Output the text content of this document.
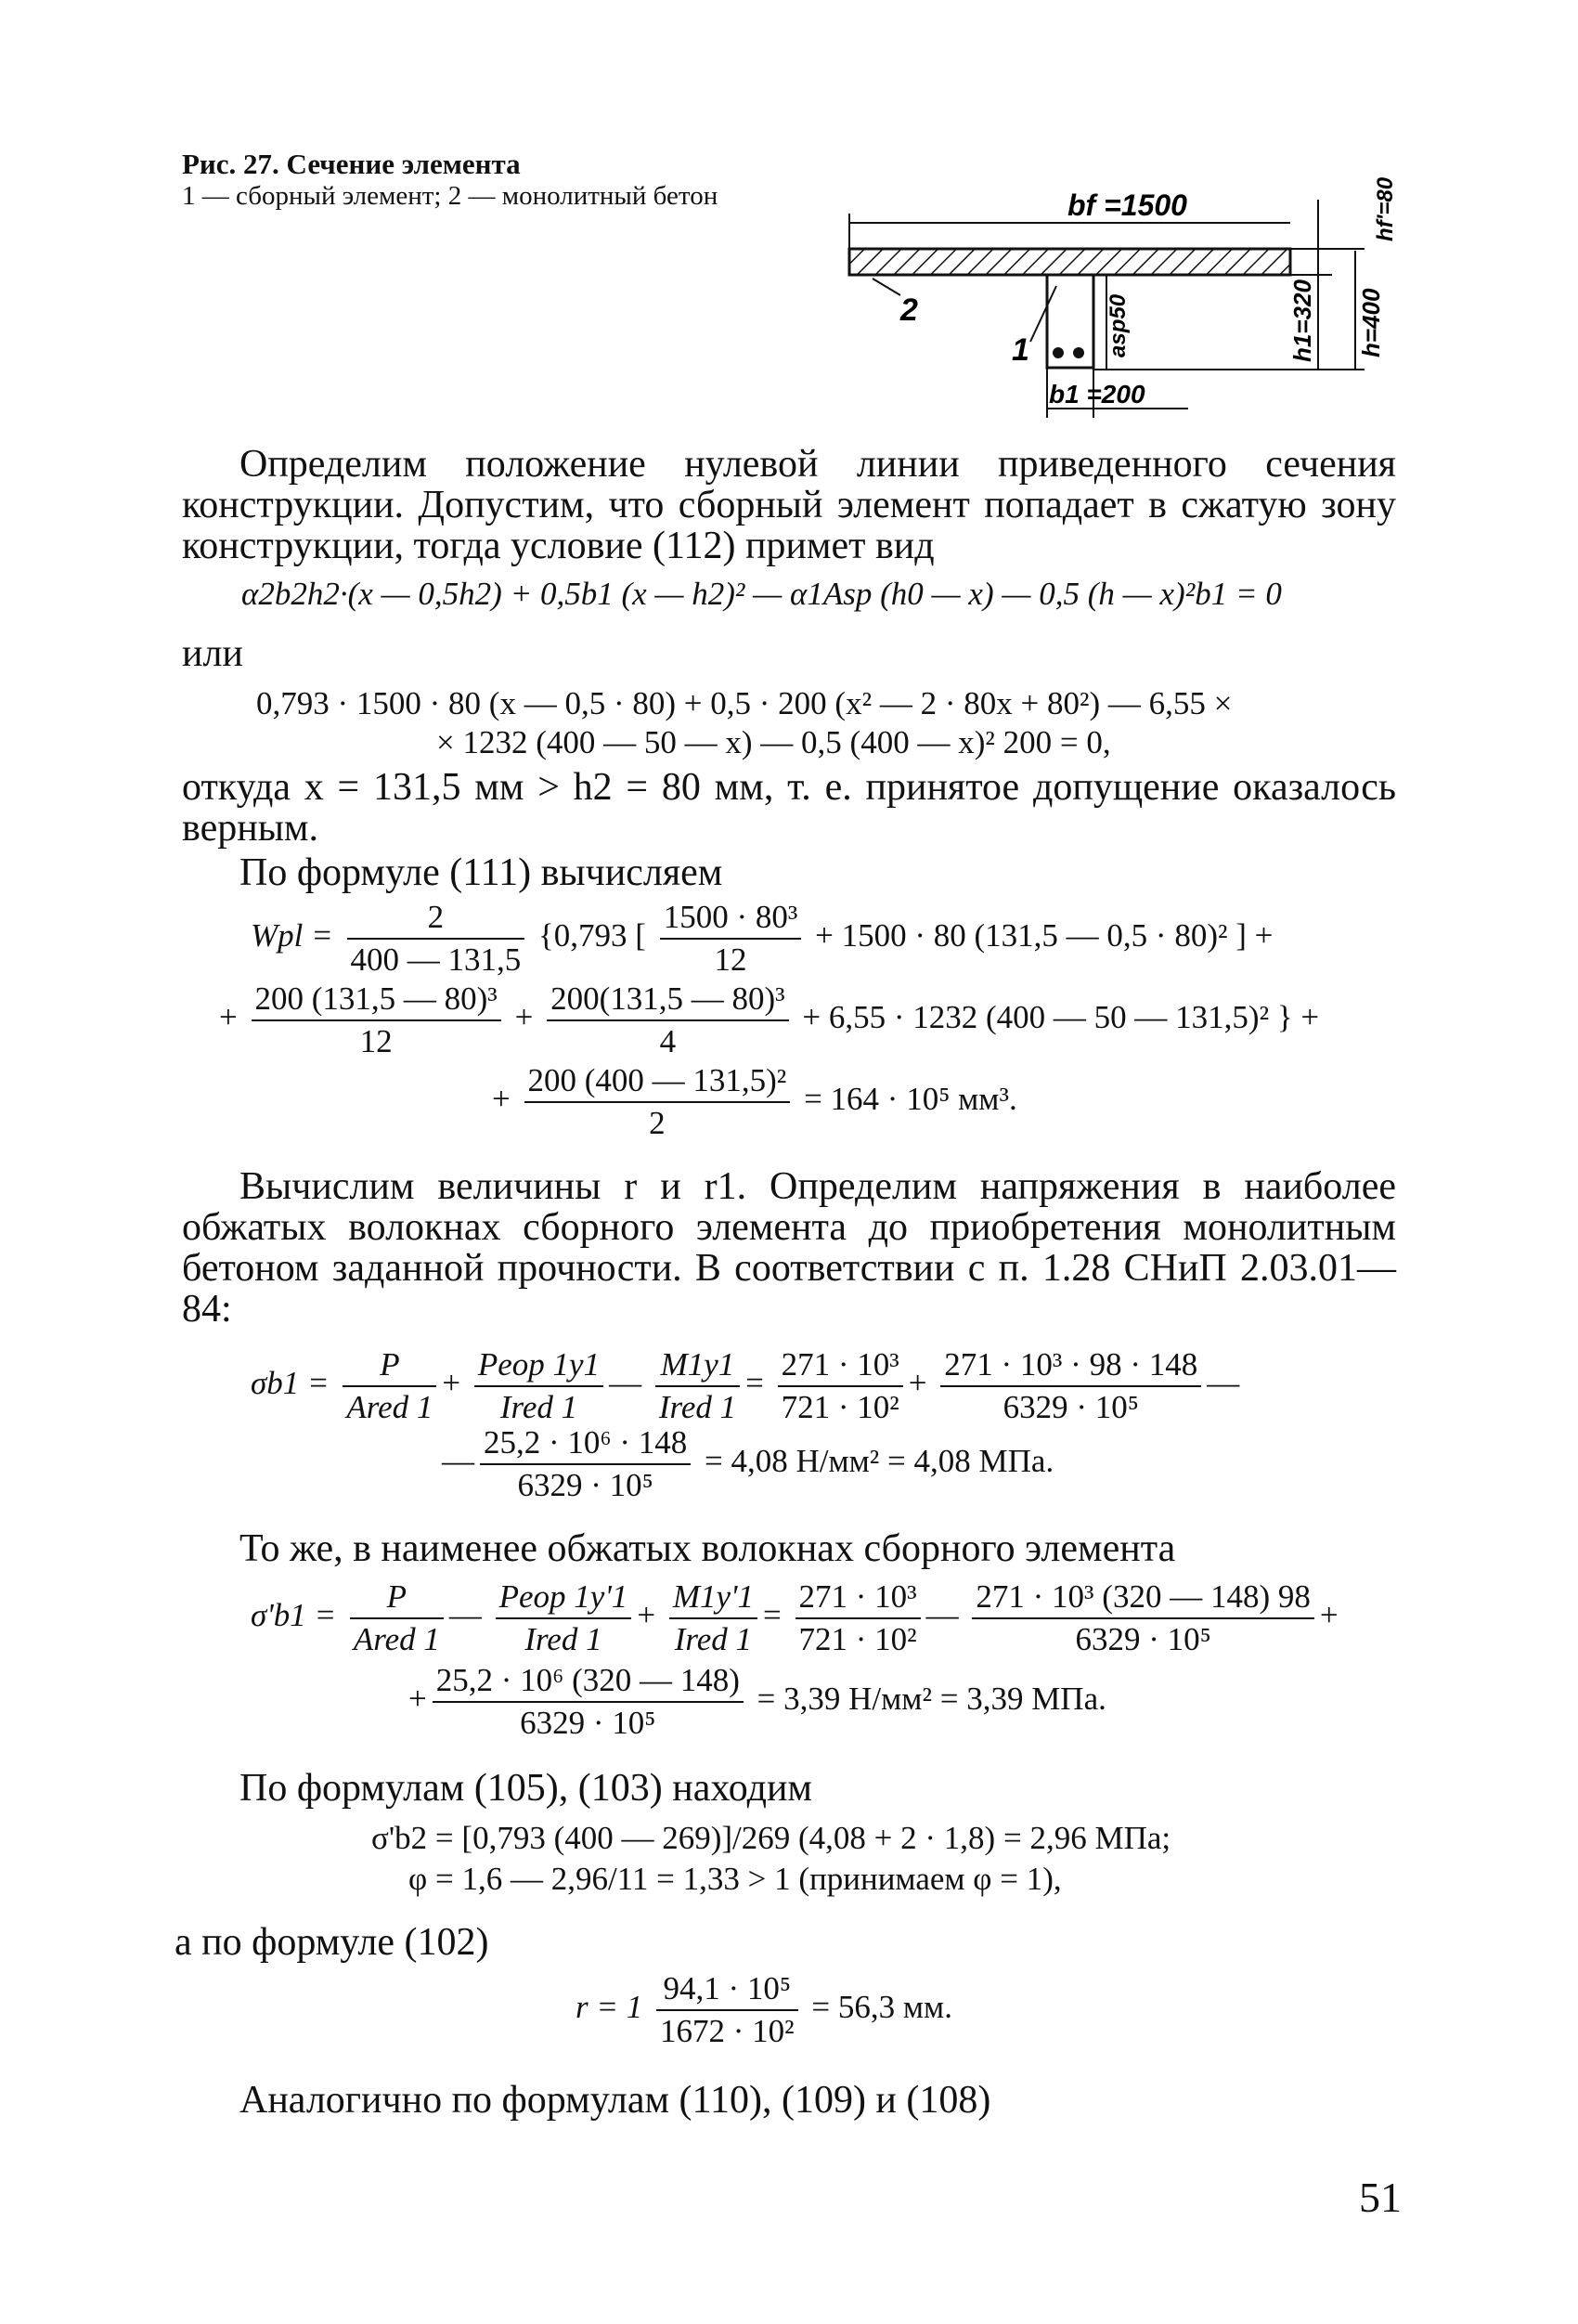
Рис. 27. Сечение элемента
1 — сборный элемент; 2 — монолитный бетон	bf =1500
2
1
b1 =200
asp50	h1=320 h=400
hf'=80
Определим положение нулевой линии приведенного сечения конструкции. Допустим, что сборный элемент попадает в сжатую зону конструкции, тогда условие (112) примет вид
α2b2h2·(x — 0,5h2) + 0,5b1 (x — h2)² — α1Asp (h0 — x) — 0,5 (h — x)²b1 = 0
или
0,793 · 1500 · 80 (x — 0,5 · 80) + 0,5 · 200 (x² — 2 · 80x + 80²) — 6,55 ×
× 1232 (400 — 50 — x) — 0,5 (400 — x)² 200 = 0,
откуда x = 131,5 мм > h2 = 80 мм, т. е. принятое допущение оказалось верным.
По формуле (111) вычисляем
Wpl = $\frac{2}{400 — 131,5} \{0,793$ [ $\frac{\text{1500 · 80³}}{12} + 1500 \cdot 80$ (131,5 — 0,5 · 80)² ] +
+ $\frac{\text{200 (131,5 — 80)³}}{12} + \frac{\text{200(131,5 — 80)³}}{4} + 6,55 \cdot 1232$ (400 — 50 — 131,5)² } +
+ $\frac{\text{200 (400 — 131,5)²}}{2} = 164 \cdot 10^5$ мм³.
Вычислим величины r и r1. Определим напряжения в наиболее обжатых волокнах сборного элемента до приобретения монолитным бетоном заданной прочности. В соответствии с п. 1.28 СНиП 2.03.01—84:
$\sigma b1 = \frac{P}{\text{Ared 1}} + \frac{\text{Peop 1y1}}{\text{Ired 1}}$ — $\frac{M1y1}{\text{Ired 1}} = \frac{\text{271 · 10³}}{\text{721 · 10²}} + \frac{\text{271 · 10³ · 98 · 148}}{\text{6329 · 10⁵}}$ —
— $\frac{\text{25,2 · 10⁶ · 148}}{\text{6329 · 10⁵}} = 4,08$ Н/мм² = 4,08 МПа.
То же, в наименее обжатых волокнах сборного элемента
$\sigma'b1 = \frac{P}{\text{Ared 1}}$ — $\frac{\text{Peop 1y'1}}{\text{Ired 1}} + \frac{M1y'1}{\text{Ired 1}} = \frac{\text{271 · 10³}}{\text{721 · 10²}}$ — $\frac{\text{271 · 10³ (320 — 148) 98}}{\text{6329 · 10⁵}}$ +
+ $\frac{\text{25,2 · 10⁶ (320 — 148)}}{\text{6329 · 10⁵}} = 3,39$ Н/мм² = 3,39 МПа.
По формулам (105), (103) находим
σ'b2 = [0,793 (400 — 269)]/269 (4,08 + 2 · 1,8) = 2,96 МПа;
φ = 1,6 — 2,96/11 = 1,33 > 1 (принимаем φ = 1),
а по формуле (102)
$r = 1 \frac{\text{94,1 · 10⁵}}{\text{1672 · 10²}} = 56,3$ мм.
Аналогично по формулам (110), (109) и (108)
51
